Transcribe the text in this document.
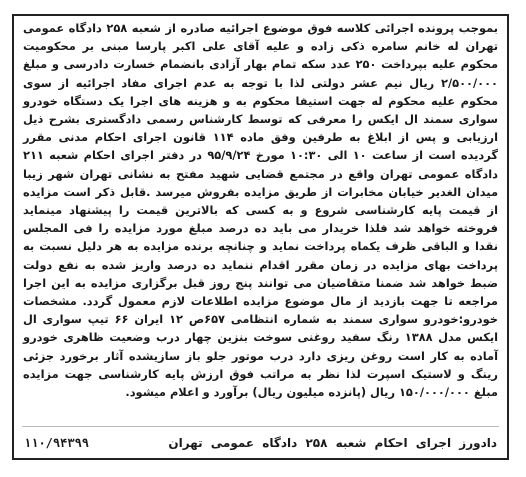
بموجب پرونده اجرائی کلاسه فوق موضوع اجرائیه صادره از شعبه ۲۵۸ دادگاه عمومی تهران له خانم سامره ذکی زاده و علیه آقای علی اکبر پارسا مبنی بر محکومیت محکوم علیه بپرداخت ۲۵۰ عدد سکه تمام بهار آزادی بانضمام خسارت دادرسی و مبلغ ۲/۵۰۰/۰۰۰ ریال نیم عشر دولتی لذا با توجه به عدم اجرای مفاد اجرائیه از سوی محکوم علیه محکوم له جهت استیفا محکوم به و هزینه های اجرا یک دستگاه خودرو سواری سمند ال ایکس را معرفی که توسط کارشناس رسمی دادگستری بشرح ذیل ارزیابی و پس از ابلاغ به طرفین وفق ماده ۱۱۴ قانون اجرای احکام مدنی مقرر گردیده است از ساعت ۱۰ الی ۱۰:۳۰ مورخ ۹۵/۹/۲۴ در دفتر اجرای احکام شعبه ۲۱۱ دادگاه عمومی تهران واقع در مجتمع قضایی شهید مفتح به نشانی تهران شهر زیبا میدان الغدیر خیابان مخابرات از طریق مزایده بفروش میرسد .قابل ذکر است مزایده از قیمت پایه کارشناسی شروع و به کسی که بالاترین قیمت را پیشنهاد مینماید فروخته خواهد شد فلذا خریدار می باید ده درصد مبلغ مورد مزایده را فی المجلس نقدا و الباقی ظرف یکماه پرداخت نماید و چنانچه برنده مزایده به هر دلیل نسبت به پرداخت بهای مزایده در زمان مقرر اقدام ننماید ده درصد واریز شده به نفع دولت ضبط خواهد شد ضمنا متقاضیان می توانند پنج روز قبل برگزاری مزایده به این اجرا مراجعه تا جهت بازدید از مال موضوع مزایده اطلاعات لازم معمول گردد. مشخصات خودرو:خودرو سواری سمند به شماره انتظامی ۶۵۷ص ۱۲ ایران ۶۶ تیپ سواری ال ایکس مدل ۱۳۸۸ رنگ سفید روغنی سوخت بنزین چهار درب وضعیت ظاهری خودرو آماده به کار است روغن ریزی دارد درب موتور جلو باز سازیشده آثار برخورد جزئی رینگ و لاستیک اسپرت لذا نظر به مراتب فوق ارزش پایه کارشناسی جهت مزایده مبلغ ۱۵۰/۰۰۰/۰۰۰ ریال (پانزده میلیون ریال) برآورد و اعلام میشود.
دادورز اجرای احکام شعبه ۲۵۸ دادگاه عمومی تهران
۱۱۰/۹۴۳۹۹
